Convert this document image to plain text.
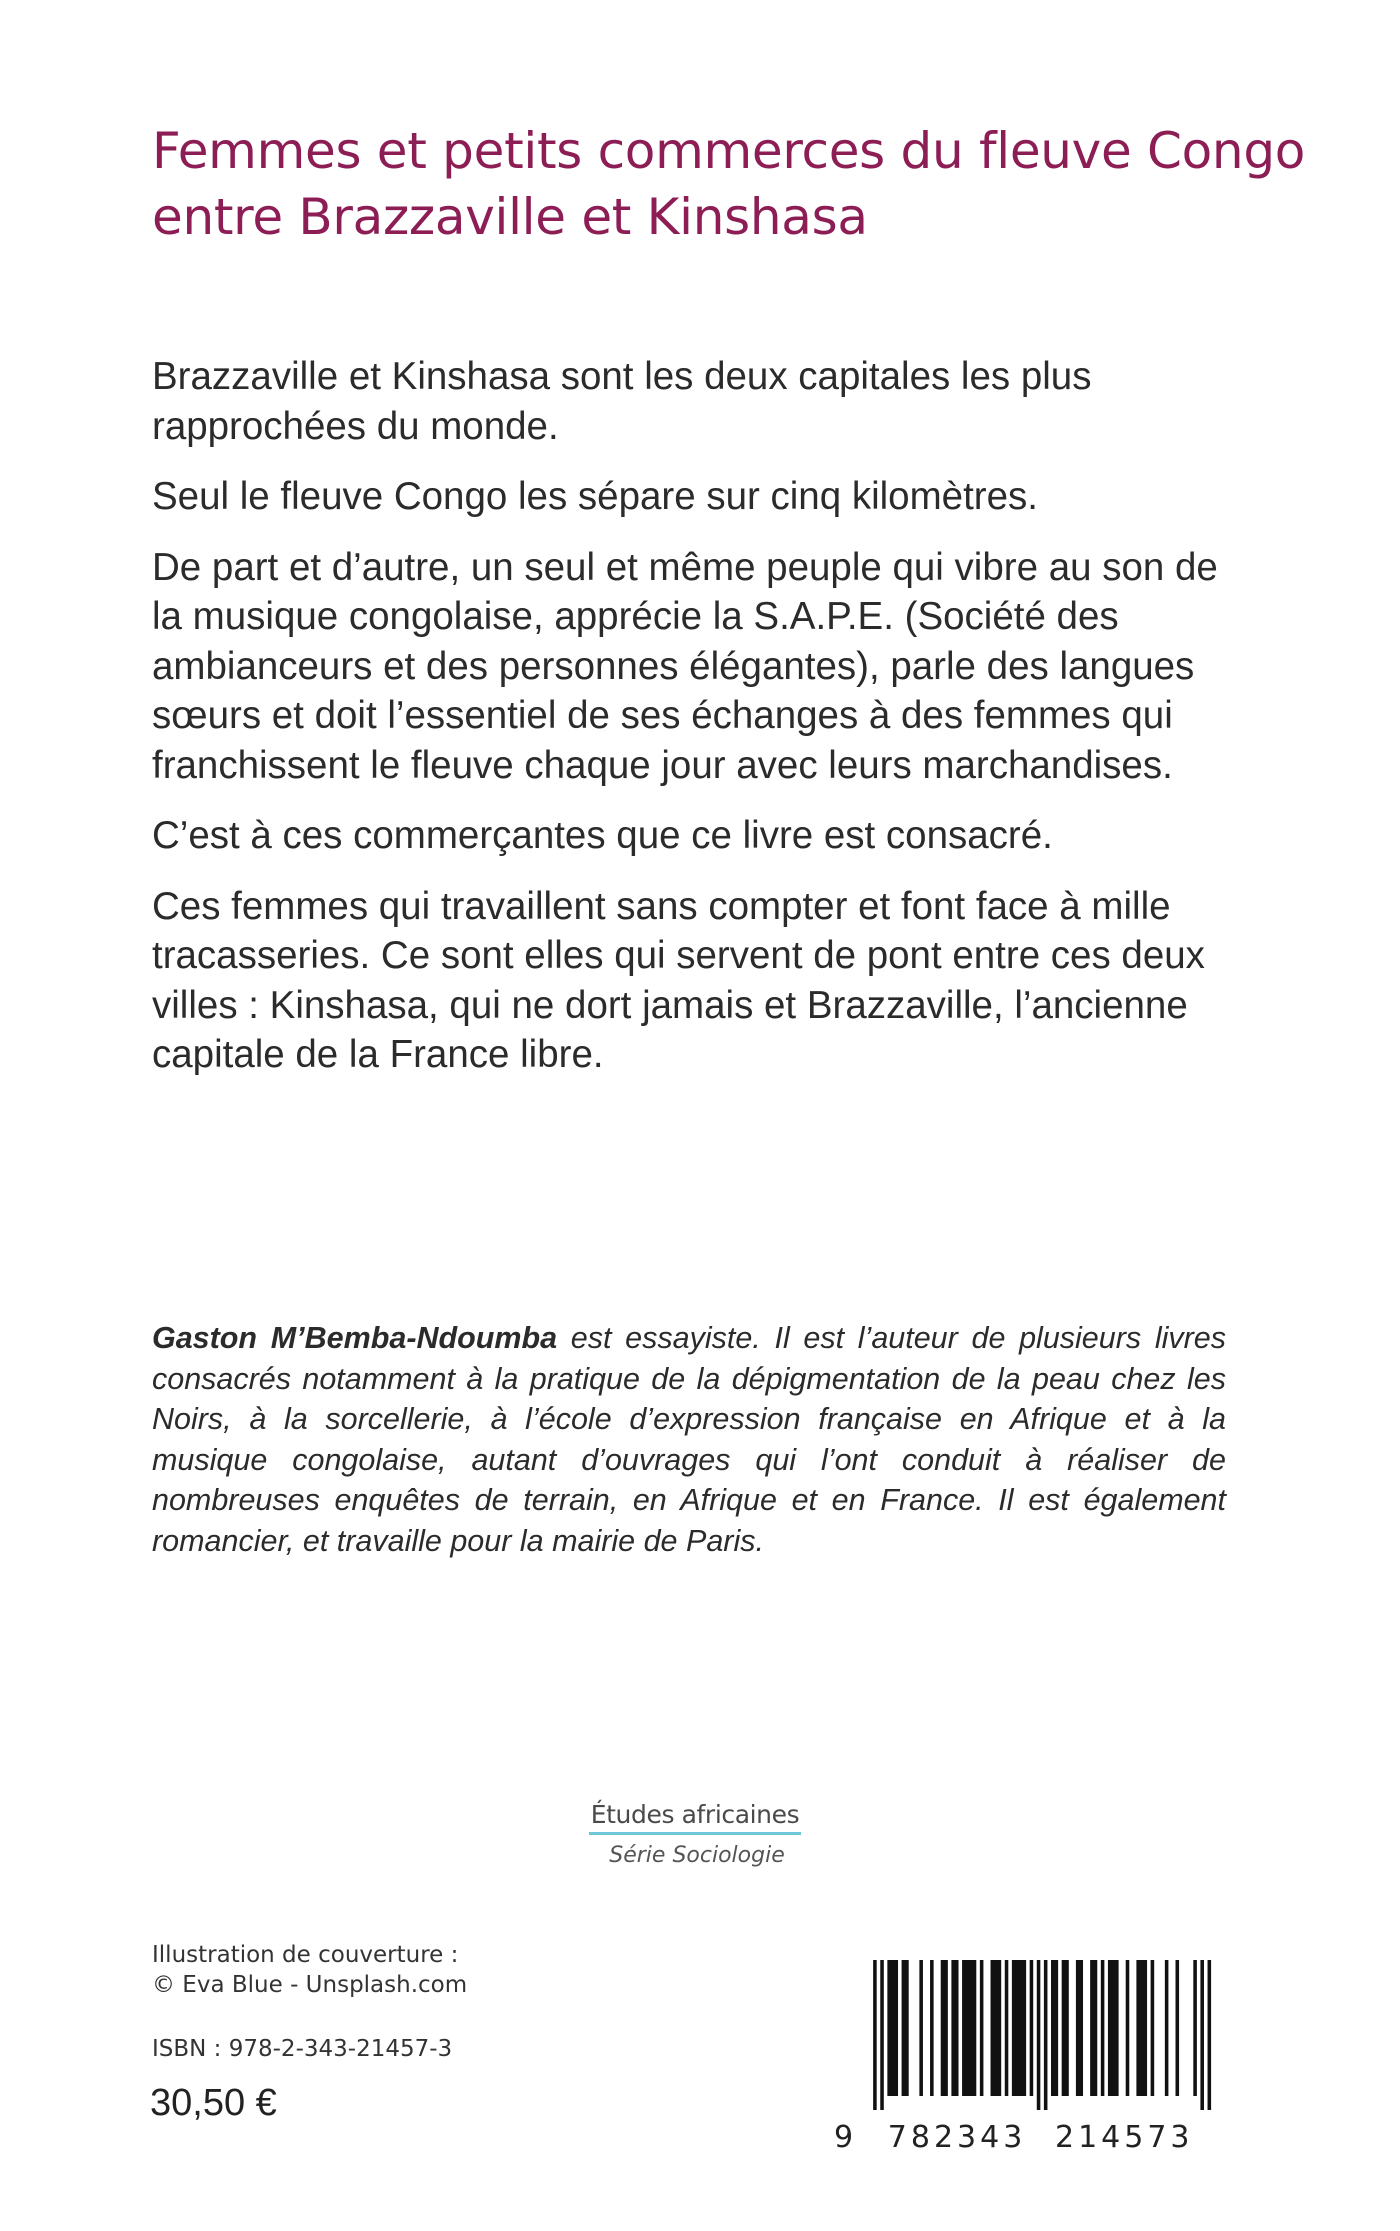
Femmes et petits commerces du fleuve Congo
entre Brazzaville et Kinshasa

Brazzaville et Kinshasa sont les deux capitales les plus rapprochées du monde.

Seul le fleuve Congo les sépare sur cinq kilomètres.

De part et d’autre, un seul et même peuple qui vibre au son de la musique congolaise, apprécie la S.A.P.E. (Société des ambianceurs et des personnes élégantes), parle des langues sœurs et doit l’essentiel de ses échanges à des femmes qui franchissent le fleuve chaque jour avec leurs marchandises.

C’est à ces commerçantes que ce livre est consacré.

Ces femmes qui travaillent sans compter et font face à mille tracasseries. Ce sont elles qui servent de pont entre ces deux villes : Kinshasa, qui ne dort jamais et Brazzaville, l’ancienne capitale de la France libre.

Gaston M’Bemba-Ndoumba est essayiste. Il est l’auteur de plusieurs livres consacrés notamment à la pratique de la dépigmentation de la peau chez les Noirs, à la sorcellerie, à l’école d’expression française en Afrique et à la musique congolaise, autant d’ouvrages qui l’ont conduit à réaliser de nombreuses enquêtes de terrain, en Afrique et en France. Il est également romancier, et travaille pour la mairie de Paris.
Études africaines
Série Sociologie
Illustration de couverture :
© Eva Blue - Unsplash.com
ISBN : 978-2-343-21457-3
30,50 €
9 782343 214573
